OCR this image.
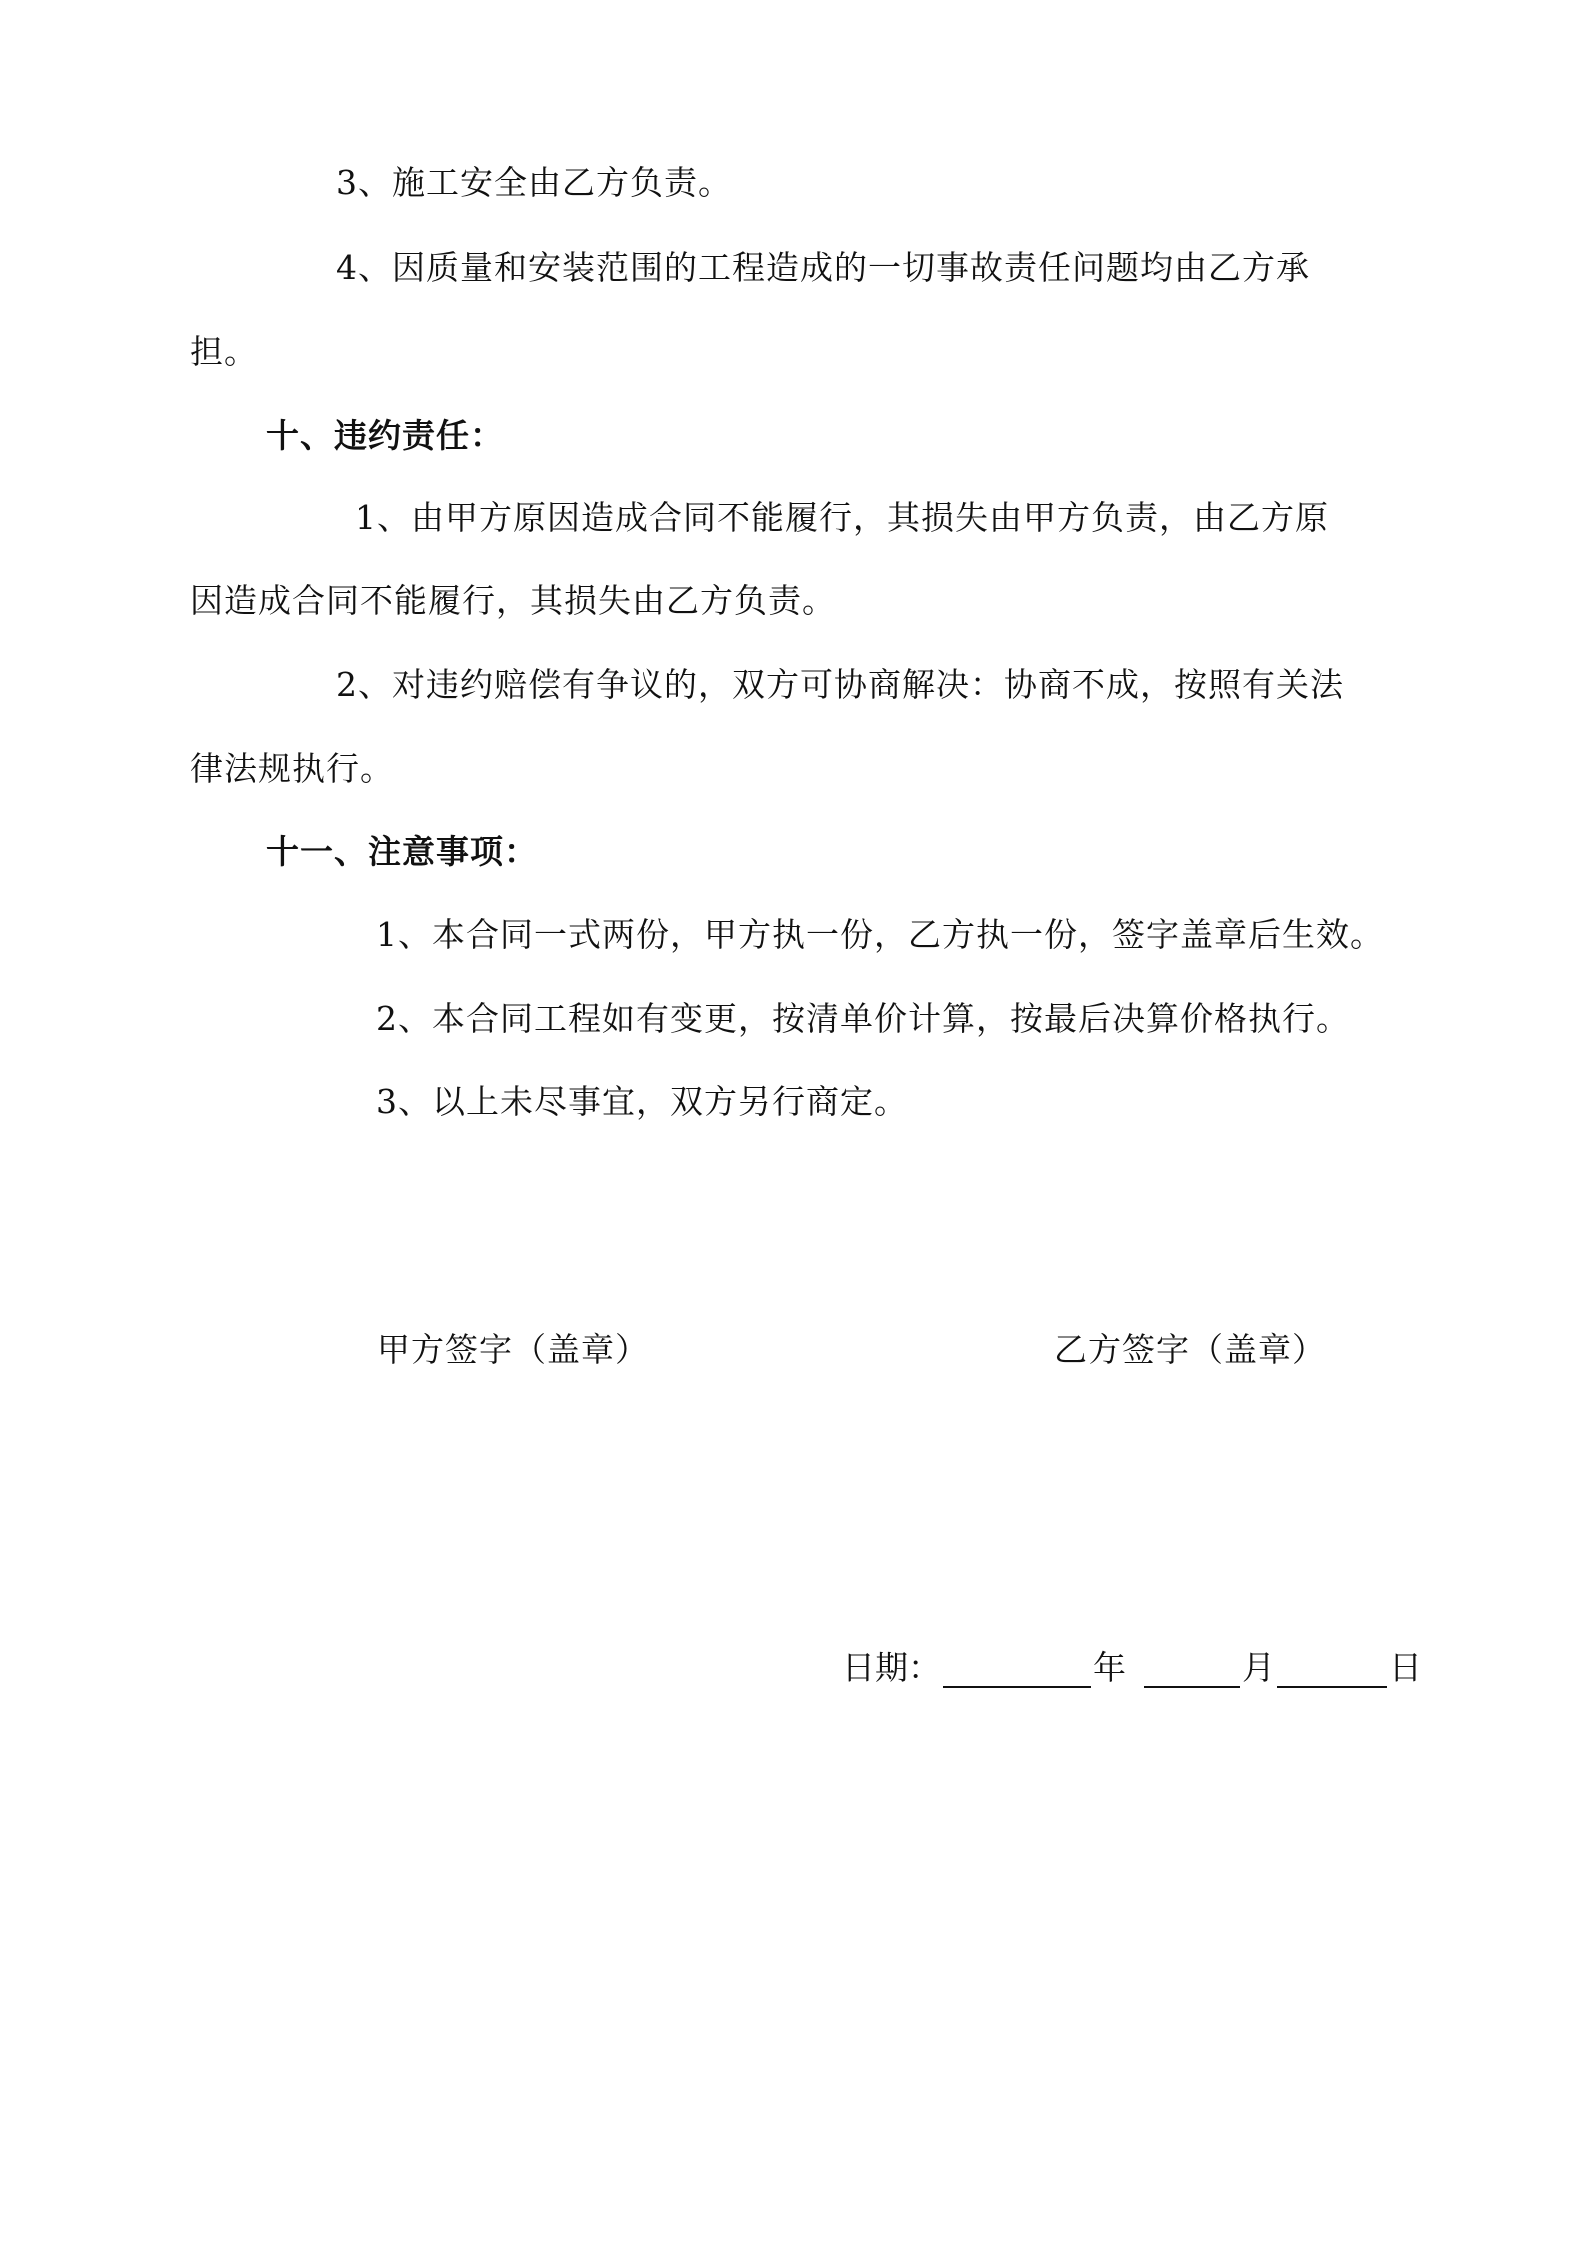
3、施工安全由乙方负责。
4、因质量和安装范围的工程造成的一切事故责任问题均由乙方承
担。
十、违约责任：
1、由甲方原因造成合同不能履行，其损失由甲方负责，由乙方原
因造成合同不能履行，其损失由乙方负责。
2、对违约赔偿有争议的，双方可协商解决：协商不成，按照有关法
律法规执行。
十一、注意事项：
1、本合同一式两份，甲方执一份，乙方执一份，签字盖章后生效。
2、本合同工程如有变更，按清单价计算，按最后决算价格执行。
3、以上未尽事宜，双方另行商定。
甲方签字（盖章）	乙方签字（盖章）
日期：	年	月	日
